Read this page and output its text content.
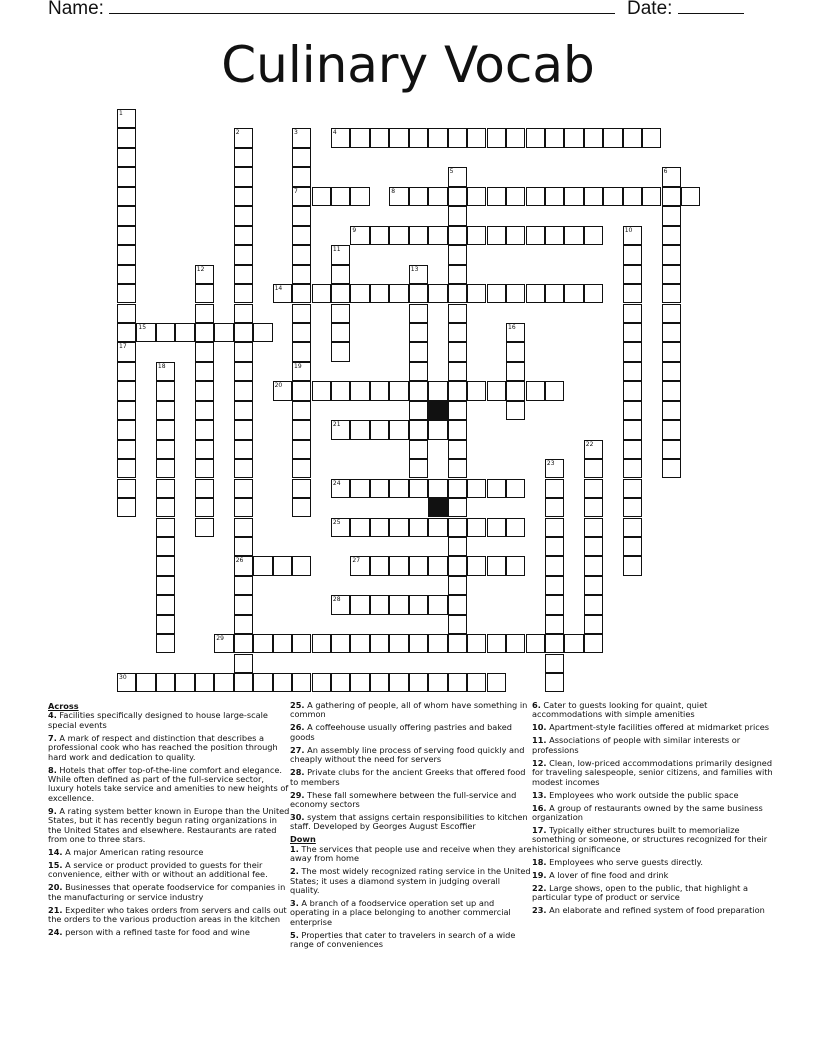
Name:	Date:
Culinary Vocab
1
17
2
26
3
7
19
4
5	6
8
9	10
11
12	13
14
15	16
18
20
21
22
23
24
25
27
28
29
30
Across
4. Facilities specifically designed to house large-scale special events
7. A mark of respect and distinction that describes a professional cook who has reached the position through hard work and dedication to quality.
8. Hotels that offer top-of-the-line comfort and elegance. While often defined as part of the full-service sector, luxury hotels take service and amenities to new heights of excellence.
9. A rating system better known in Europe than the United States, but it has recently begun rating organizations in the United States and elsewhere. Restaurants are rated from one to three stars.
14. A major American rating resource
15. A service or product provided to guests for their convenience, either with or without an additional fee.
20. Businesses that operate foodservice for companies in the manufacturing or service industry
21. Expediter who takes orders from servers and calls out the orders to the various production areas in the kitchen
24. person with a refined taste for food and wine
25. A gathering of people, all of whom have something in common
26. A coffeehouse usually offering pastries and baked goods
27. An assembly line process of serving food quickly and cheaply without the need for servers
28. Private clubs for the ancient Greeks that offered food to members
29. These fall somewhere between the full-service and economy sectors
30. system that assigns certain responsibilities to kitchen staff. Developed by Georges August Escoffier
Down
1. The services that people use and receive when they are away from home
2. The most widely recognized rating service in the United States; it uses a diamond system in judging overall quality.
3. A branch of a foodservice operation set up and operating in a place belonging to another commercial enterprise
5. Properties that cater to travelers in search of a wide range of conveniences
6. Cater to guests looking for quaint, quiet accommodations with simple amenities
10. Apartment-style facilities offered at midmarket prices
11. Associations of people with similar interests or professions
12. Clean, low-priced accommodations primarily designed for traveling salespeople, senior citizens, and families with modest incomes
13. Employees who work outside the public space
16. A group of restaurants owned by the same business organization
17. Typically either structures built to memorialize something or someone, or structures recognized for their historical significance
18. Employees who serve guests directly.
19. A lover of fine food and drink
22. Large shows, open to the public, that highlight a particular type of product or service
23. An elaborate and refined system of food preparation
